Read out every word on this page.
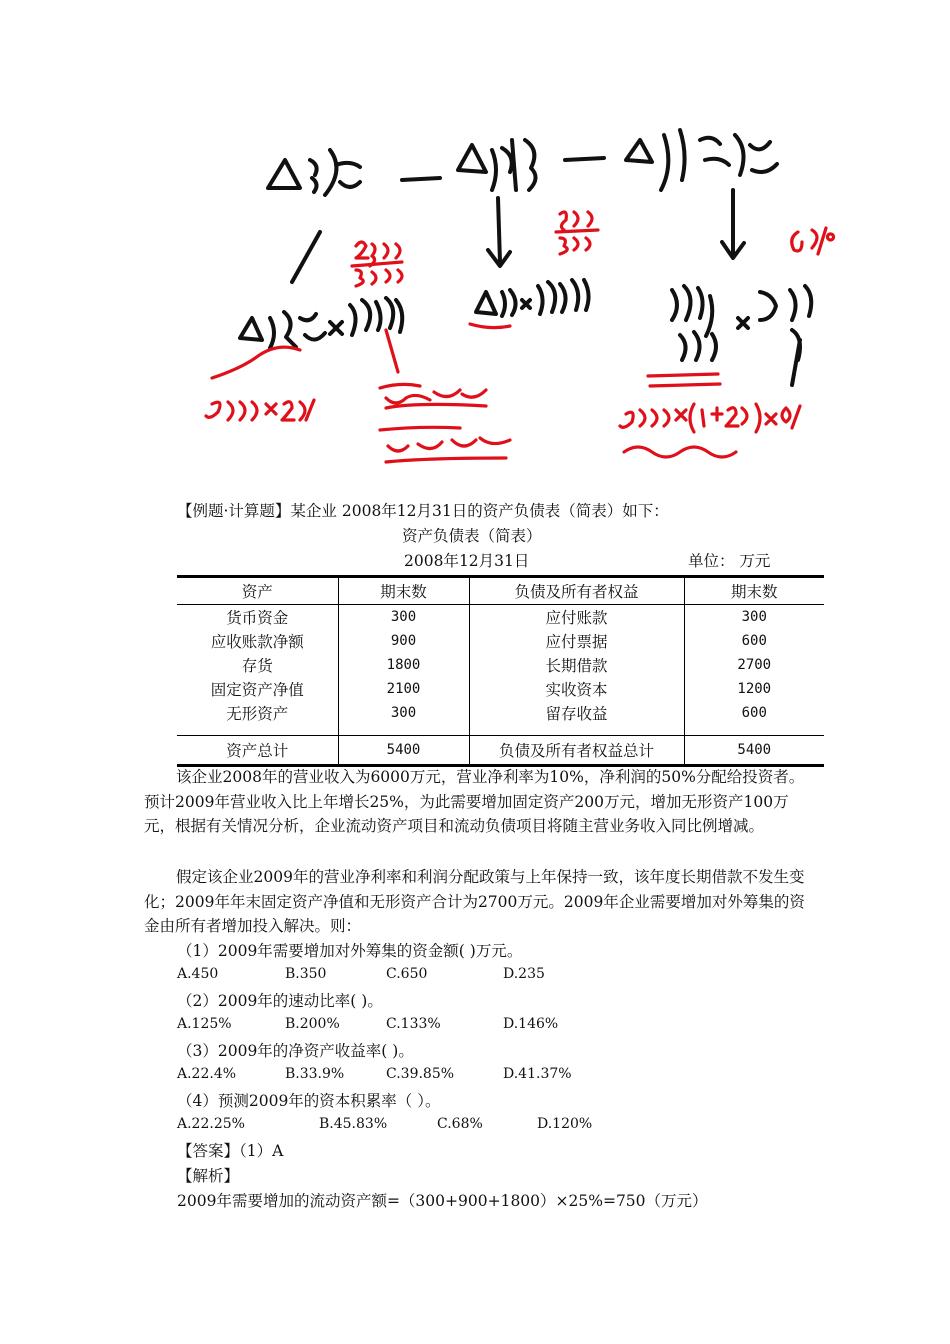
【例题·计算题】某企业 2008年12月31日的资产负债表（简表）如下：
资产负债表（简表）
2008年12月31日	单位： 万元
资产	期末数	负债及所有者权益	期末数
货币资金	300	应付账款	300
应收账款净额	900	应付票据	600
存货	1800	长期借款	2700
固定资产净值	2100	实收资本	1200
无形资产	300	留存收益	600

资产总计	5400	负债及所有者权益总计	5400
该企业2008年的营业收入为6000万元，营业净利率为10%，净利润的50%分配给投资者。预计2009年营业收入比上年增长25%，为此需要增加固定资产200万元，增加无形资产100万元，根据有关情况分析，企业流动资产项目和流动负债项目将随主营业务收入同比例增减。
假定该企业2009年的营业净利率和利润分配政策与上年保持一致，该年度长期借款不发生变化；2009年年末固定资产净值和无形资产合计为2700万元。2009年企业需要增加对外筹集的资金由所有者增加投入解决。则：
（1）2009年需要增加对外筹集的资金额( )万元。
A.450	B.350	C.650	D.235
（2）2009年的速动比率( )。
A.125%	B.200%	C.133%	D.146%
（3）2009年的净资产收益率( )。
A.22.4%	B.33.9%	C.39.85%	D.41.37%
（4）预测2009年的资本积累率（ ）。
A.22.25%	B.45.83%	C.68%	D.120%
【答案】（1）A
【解析】
2009年需要增加的流动资产额=（300+900+1800）×25%=750（万元）
